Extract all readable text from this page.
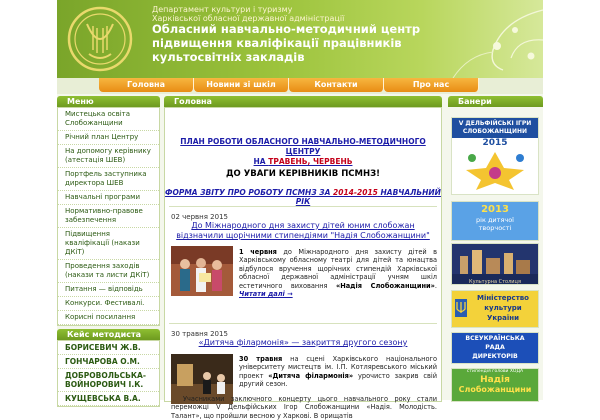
Департамент культури і туризму
Харківської обласної державної адміністрації
Обласний навчально-методичний центр
підвищення кваліфікації працівників
культосвітніх закладів
Головна	Новини зі шкіл	Контакти	Про нас
Меню
Мистецька освіта Слобожанщини
Річний план Центру
На допомогу керівнику (атестація ШЕВ)
Портфель заступника директора ШЕВ
Навчальні програми
Нормативно-правове забезпечення
Підвищення кваліфікації (накази ДКіТ)
Проведення заходів (накази та листи ДКіТ)
Питання — відповідь
Конкурси. Фестивалі.
Корисні посилання
Кейс методиста
БОРИСЕВИЧ Ж.В.
ГОНЧАРОВА О.М.
ДОБРОВОЛЬСЬКА-ВОЙНОРОВИЧ І.К.
КУЩЕВСЬКА В.А.
Головна
ПЛАН РОБОТИ ОБЛАСНОГО НАВЧАЛЬНО-МЕТОДИЧНОГО ЦЕНТРУ
НА ТРАВЕНЬ, ЧЕРВЕНЬ
ДО УВАГИ КЕРІВНИКІВ ПСМНЗ!
ФОРМА ЗВІТУ ПРО РОБОТУ ПСМНЗ ЗА 2014-2015 НАВЧАЛЬНИЙ РІК
02 червня 2015
До Міжнародного дня захисту дітей юним слобожан відзначили щорічними стипендіями "Надія Слобожанщини"
1 червня до Міжнародного дня захисту дітей в Харківському обласному театрі для дітей та юнацтва відбулося вручення щорічних стипендій Харківської обласної державної адміністрації учням шкіл естетичного виховання «Надія Слобожанщини». Читати далі →
30 травня 2015
«Дитяча філармонія» — закриття другого сезону
30 травня на сцені Харківського національного університету мистецтв ім. І.П. Котляревського міський проект «Дитяча філармонія» урочисто закрив свій другий сезон.
Учасниками заключного концерту цього навчального року стали переможці V Дельфійських Ігор Слобожанщини «Надія. Молодість. Талант», що пройшли весною у Харкові. В орищатів
Банери
V ДЕЛЬФІЙСЬКІ ІГРИ
СЛОБОЖАНЩИНИ
2015
2013
рік дитячої
творчості
Культурна Столиця
Міністерство
культури
України
ВСЕУКРАЇНСЬКА
РАДА
ДИРЕКТОРІВ
стипендія голови ХОДА
Надія
Слобожанщини
